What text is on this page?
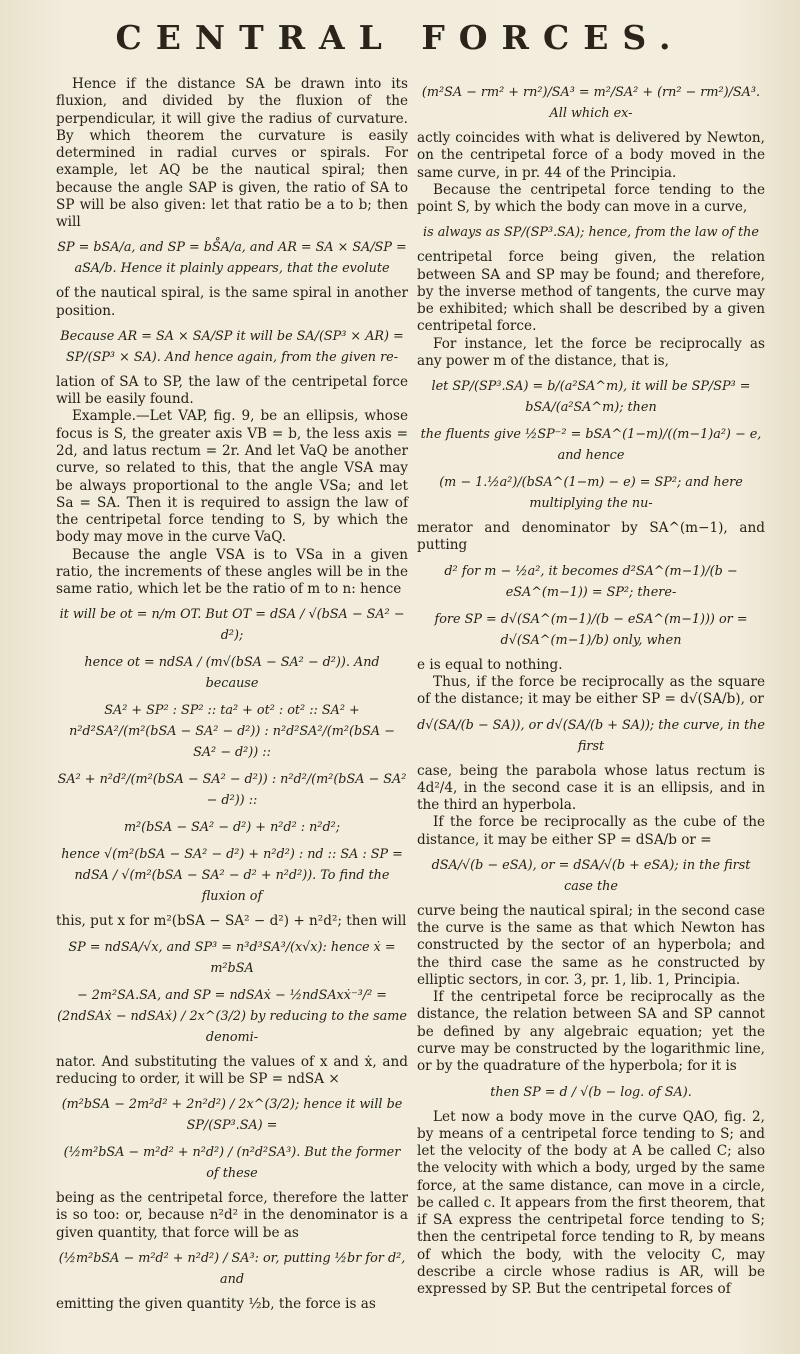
CENTRAL FORCES.

Hence if the distance SA be drawn into its fluxion, and divided by the fluxion of the perpendicular, it will give the radius of curvature. By which theorem the curvature is easily determined in radial curves or spirals. For example, let AQ be the nautical spiral; then because the angle SAP is given, the ratio of SA to SP will be also given: let that ratio be a to b; then will

SP = bSA/a, and SP = bS̊A/a, and AR = SA × SA/SP = aSA/b. Hence it plainly appears, that the evolute

of the nautical spiral, is the same spiral in another position.

Because AR = SA × SA/SP it will be SA/(SP³ × AR) = SP/(SP³ × SA). And hence again, from the given re-

lation of SA to SP, the law of the centripetal force will be easily found.

Example.—Let VAP, fig. 9, be an ellipsis, whose focus is S, the greater axis VB = b, the less axis = 2d, and latus rectum = 2r. And let VaQ be another curve, so related to this, that the angle VSA may be always proportional to the angle VSa; and let Sa = SA. Then it is required to assign the law of the centripetal force tending to S, by which the body may move in the curve VaQ.

Because the angle VSA is to VSa in a given ratio, the increments of these angles will be in the same ratio, which let be the ratio of m to n: hence

it will be ot = n/m OT. But OT = dSA / √(bSA − SA² − d²);
hence ot = ndSA / (m√(bSA − SA² − d²)). And because
SA² + SP² : SP² :: ta² + ot² : ot² :: SA² + n²d²SA²/(m²(bSA − SA² − d²)) : n²d²SA²/(m²(bSA − SA² − d²)) ::
SA² + n²d²/(m²(bSA − SA² − d²)) : n²d²/(m²(bSA − SA² − d²)) ::
m²(bSA − SA² − d²) + n²d² : n²d²;
hence √(m²(bSA − SA² − d²) + n²d²) : nd :: SA : SP = ndSA / √(m²(bSA − SA² − d² + n²d²)). To find the fluxion of

this, put x for m²(bSA − SA² − d²) + n²d²; then will

SP = ndSA/√x, and SP³ = n³d³SA³/(x√x): hence ẋ = m²bSA
− 2m²SA.SA, and SP = ndSAẋ − ½ndSAxẋ⁻³/² = (2ndSAẋ − ndSAẋ) / 2x^(3/2) by reducing to the same denomi-

nator. And substituting the values of x and ẋ, and reducing to order, it will be SP = ndSA ×

(m²bSA − 2m²d² + 2n²d²) / 2x^(3/2); hence it will be SP/(SP³.SA) =
(½m²bSA − m²d² + n²d²) / (n²d²SA³). But the former of these

being as the centripetal force, therefore the latter is so too: or, because n²d² in the denominator is a given quantity, that force will be as

(½m²bSA − m²d² + n²d²) / SA³: or, putting ½br for d², and

emitting the given quantity ½b, the force is as

(m²SA − rm² + rn²)/SA³ = m²/SA² + (rn² − rm²)/SA³. All which ex-

actly coincides with what is delivered by Newton, on the centripetal force of a body moved in the same curve, in pr. 44 of the Principia.

Because the centripetal force tending to the point S, by which the body can move in a curve,

is always as SP/(SP³.SA); hence, from the law of the

centripetal force being given, the relation between SA and SP may be found; and therefore, by the inverse method of tangents, the curve may be exhibited; which shall be described by a given centripetal force.

For instance, let the force be reciprocally as any power m of the distance, that is,

let SP/(SP³.SA) = b/(a²SA^m), it will be SP/SP³ = bSA/(a²SA^m); then
the fluents give ½SP⁻² = bSA^(1−m)/((m−1)a²) − e, and hence
(m − 1.½a²)/(bSA^(1−m) − e) = SP²; and here multiplying the nu-

merator and denominator by SA^(m−1), and putting

d² for m − ½a², it becomes d²SA^(m−1)/(b − eSA^(m−1)) = SP²; there-
fore SP = d√(SA^(m−1)/(b − eSA^(m−1))) or = d√(SA^(m−1)/b) only, when

e is equal to nothing.

Thus, if the force be reciprocally as the square of the distance; it may be either SP = d√(SA/b), or

d√(SA/(b − SA)), or d√(SA/(b + SA)); the curve, in the first

case, being the parabola whose latus rectum is 4d²/4, in the second case it is an ellipsis, and in the third an hyperbola.

If the force be reciprocally as the cube of the distance, it may be either SP = dSA/b or =

dSA/√(b − eSA), or = dSA/√(b + eSA); in the first case the

curve being the nautical spiral; in the second case the curve is the same as that which Newton has constructed by the sector of an hyperbola; and the third case the same as he constructed by elliptic sectors, in cor. 3, pr. 1, lib. 1, Principia.

If the centripetal force be reciprocally as the distance, the relation between SA and SP cannot be defined by any algebraic equation; yet the curve may be constructed by the logarithmic line, or by the quadrature of the hyperbola; for it is

then SP = d / √(b − log. of SA).

Let now a body move in the curve QAO, fig. 2, by means of a centripetal force tending to S; and let the velocity of the body at A be called C; also the velocity with which a body, urged by the same force, at the same distance, can move in a circle, be called c. It appears from the first theorem, that if SA express the centripetal force tending to S; then the centripetal force tending to R, by means of which the body, with the velocity C, may describe a circle whose radius is AR, will be expressed by SP. But the centripetal forces of
